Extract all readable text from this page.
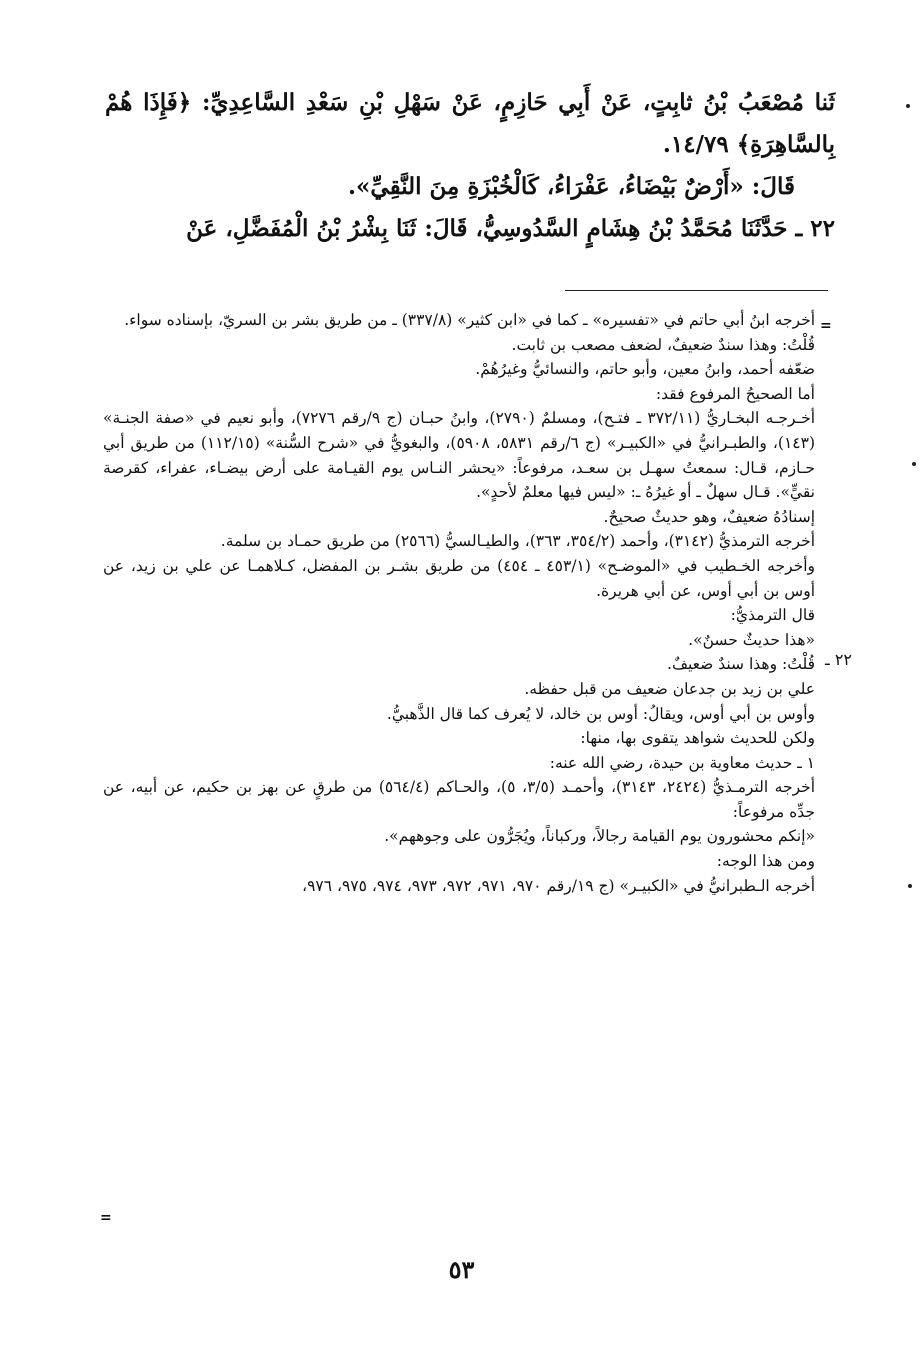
ثَنا مُصْعَبُ بْنُ ثابِتٍ، عَنْ أَبِي حَازِمٍ، عَنْ سَهْلِ بْنِ سَعْدِ السَّاعِدِيِّ: ﴿فَإِذَا هُمْ بِالسَّاهِرَةِ﴾ ١٤/٧٩.

قَالَ: «أَرْضٌ بَيْضَاءُ، عَفْرَاءُ، كَالْخُبْزَةِ مِنَ النَّقِيِّ».

٢٢ ـ حَدَّثَنَا مُحَمَّدُ بْنُ هِشَامٍ السَّدُوسِيُّ، قَالَ: ثَنَا بِشْرُ بْنُ الْمُفَضَّلِ، عَنْ

=
٢٢ ـ

أخرجه ابنُ أبي حاتم في «تفسيره» ـ كما في «ابن كثير» (٣٣٧/٨) ـ من طريق بشر بن السريّ، بإسناده سواء.

قُلْتُ: وهذا سندٌ ضعيفٌ، لضعف مصعب بن ثابت.

ضعّفه أحمد، وابنُ معين، وأبو حاتم، والنسائيُّ وغيرُهُمْ.

أما الصحيحُ المرفوع فقد:

أخـرجـه البخـاريُّ (٣٧٢/١١ ـ فتـح)، ومسلمٌ (٢٧٩٠)، وابنُ حبـان (ج ٩/رقم ٧٢٧٦)، وأبو نعيم في «صفة الجنـة» (١٤٣)، والطبـرانيُّ في «الكبيـر» (ج ٦/رقم ٥٨٣١، ٥٩٠٨)، والبغويُّ في «شرح السُّنة» (١١٢/١٥) من طريق أبي حـازم، قـال: سمعتُ سهـل بن سعـد، مرفوعاً: «يحشر النـاس يوم القيـامة على أرض بيضـاء، عفراء، كقرصة نقيٍّ». قـال سهلٌ ـ أو غيرُهُ ـ: «ليس فيها معلمٌ لأحدٍ».

إسنادُهُ ضعيفٌ، وهو حديثٌ صحيحٌ.

أخرجه الترمذيُّ (٣١٤٢)، وأحمد (٣٥٤/٢، ٣٦٣)، والطيـالسيُّ (٢٥٦٦) من طريق حمـاد بن سلمة.

وأخرجه الخـطيب في «الموضـح» (٤٥٣/١ ـ ٤٥٤) من طريق بشـر بن المفضل، كـلاهمـا عن علي بن زيد، عن أوس بن أبي أوس، عن أبي هريرة.

قال الترمذيُّ:

«هذا حديثٌ حسنٌ».

قُلْتُ: وهذا سندٌ ضعيفٌ.

علي بن زيد بن جدعان ضعيف من قبل حفظه.

وأوس بن أبي أوس، ويقالُ: أوس بن خالد، لا يُعرف كما قال الذَّهبيُّ.

ولكن للحديث شواهد يتقوى بها، منها:

١ ـ حديث معاوية بن حيدة، رضي الله عنه:

أخرجه الترمـذيُّ (٢٤٢٤، ٣١٤٣)، وأحمـد (٣/٥، ٥)، والحـاكم (٥٦٤/٤) من طرقٍ عن بهز بن حكيم، عن أبيه، عن جدِّه مرفوعاً:

«إنكم محشورون يوم القيامة رجالاً، وركباناً، ويُجَرُّون على وجوههم».

ومن هذا الوجه:

أخرجه الـطبرانيُّ في «الكبيـر» (ج ١٩/رقم ٩٧٠، ٩٧١، ٩٧٢، ٩٧٣، ٩٧٤، ٩٧٥، ٩٧٦،

=
٥٣
